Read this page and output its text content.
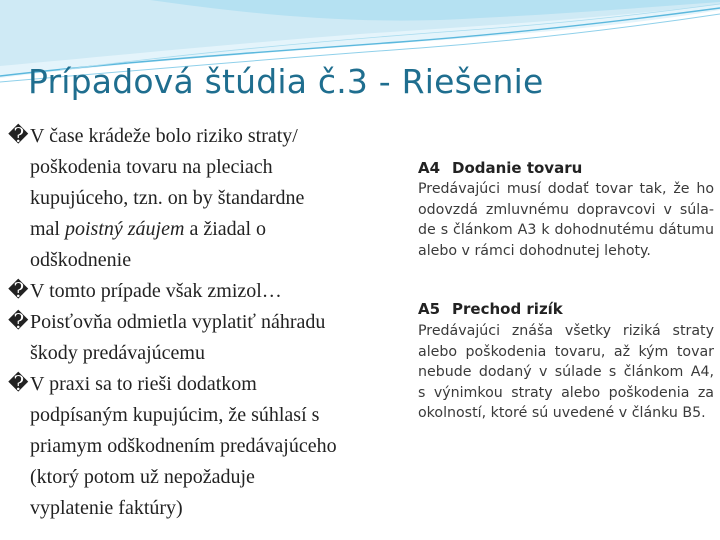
Prípadová štúdia č.3 - Riešenie
� V čase krádeže bolo riziko straty/
poškodenia tovaru na pleciach
kupujúceho, tzn. on by štandardne
mal poistný záujem a žiadal o
odškodnenie
� V tomto prípade však zmizol…
� Poisťovňa odmietla vyplatiť náhradu
škody predávajúcemu
� V praxi sa to rieši dodatkom
podpísaným kupujúcim, že súhlasí s
priamym odškodnením predávajúceho
(ktorý potom už nepožaduje
vyplatenie faktúry)
A4 Dodanie tovaru
Predávajúci musí dodať tovar tak, že ho
odovzdá zmluvnému dopravcovi v súla-
de s článkom A3 k dohodnutému dátumu
alebo v rámci dohodnutej lehoty.
A5 Prechod rizík
Predávajúci znáša všetky riziká straty
alebo poškodenia tovaru, až kým tovar
nebude dodaný v súlade s článkom A4,
s výnimkou straty alebo poškodenia za
okolností, ktoré sú uvedené v článku B5.
